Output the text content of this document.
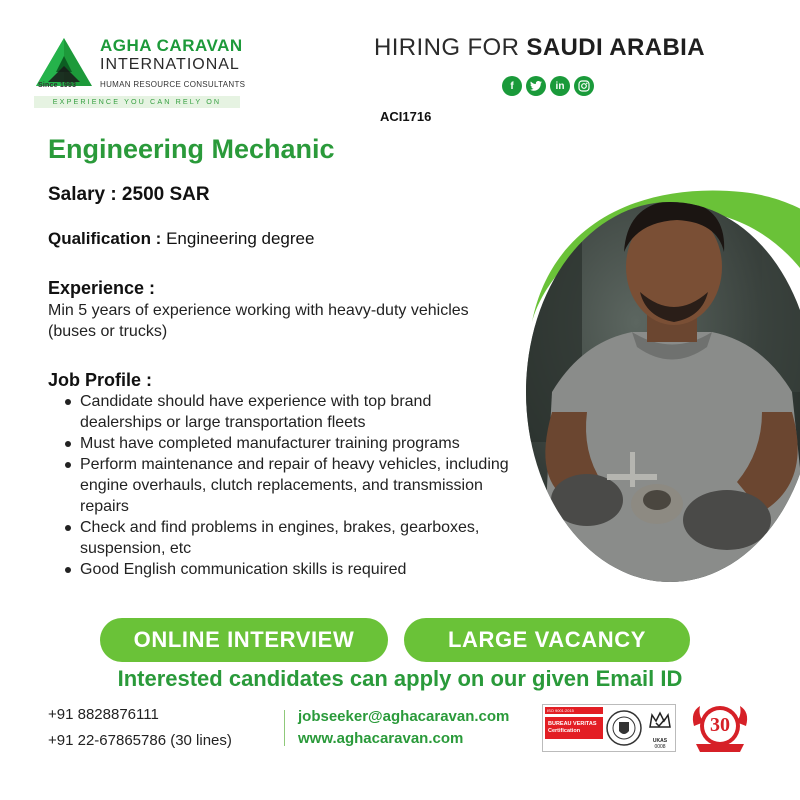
Since 1993
AGHA CARAVAN
INTERNATIONAL
HUMAN RESOURCE CONSULTANTS
EXPERIENCE YOU CAN RELY ON
HIRING FOR SAUDI ARABIA
f	in
ACI1716
Engineering Mechanic
Salary : 2500 SAR
Qualification : Engineering degree
Experience :
Min 5 years of experience working with heavy-duty vehicles (buses or trucks)
Job Profile :
Candidate should have experience with top brand dealerships or large transportation fleets
Must have completed manufacturer training programs
Perform maintenance and repair of heavy vehicles, including engine overhauls, clutch replacements, and transmission repairs
Check and find problems in engines, brakes, gearboxes, suspension, etc
Good English communication skills is required
ONLINE INTERVIEW	LARGE VACANCY
Interested candidates can apply on our given Email ID
+91 8828876111
+91 22-67865786 (30 lines)
jobseeker@aghacaravan.com
www.aghacaravan.com
ISO 9001:2015
BUREAU VERITAS Certification
UKAS
0008
30
